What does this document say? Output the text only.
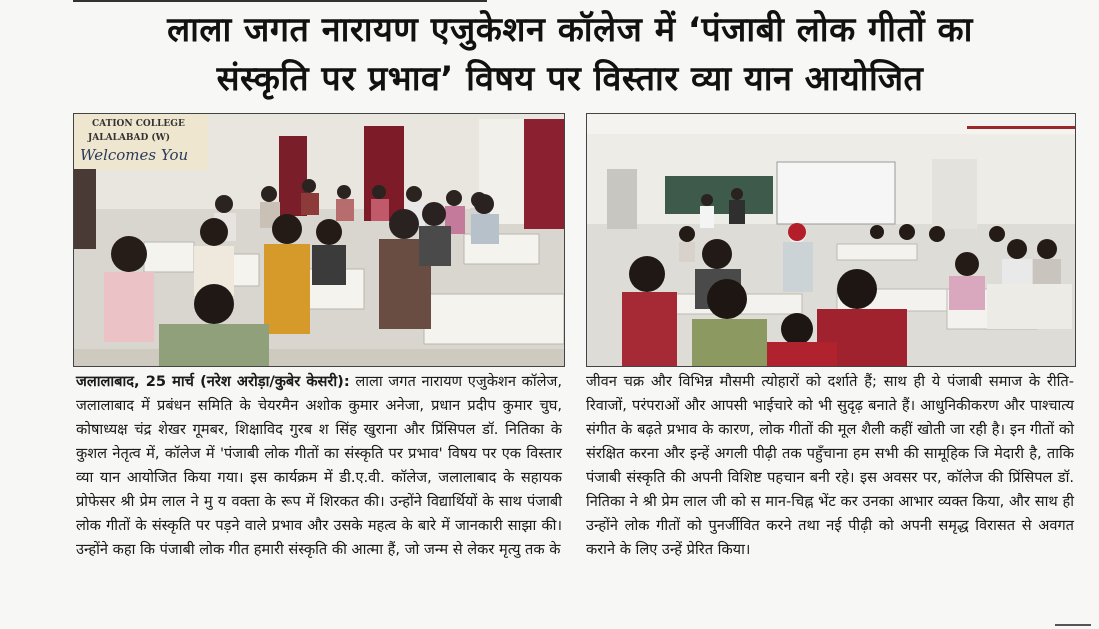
लाला जगत नारायण एजुकेशन कॉलेज में ‘पंजाबी लोक गीतों का
संस्कृति पर प्रभाव’ विषय पर विस्तार व्या यान आयोजित
CATION COLLEGE
JALALABAD (W)
Welcomes You

जलालाबाद, 25 मार्च (नरेश अरोड़ा/कुबेर केसरी): लाला जगत नारायण एजुकेशन कॉलेज, जलालाबाद में प्रबंधन समिति के चेयरमैन अशोक कुमार अनेजा, प्रधान प्रदीप कुमार चुघ, कोषाध्यक्ष चंद्र शेखर गूमबर, शिक्षाविद गुरब श सिंह खुराना और प्रिंसिपल डॉ. नितिका के कुशल नेतृत्व में, कॉलेज में 'पंजाबी लोक गीतों का संस्कृति पर प्रभाव' विषय पर एक विस्तार व्या यान आयोजित किया गया। इस कार्यक्रम में डी.ए.वी. कॉलेज, जलालाबाद के सहायक प्रोफेसर श्री प्रेम लाल ने मु य वक्ता के रूप में शिरकत की। उन्होंने विद्यार्थियों के साथ पंजाबी लोक गीतों के संस्कृति पर पड़ने वाले प्रभाव और उसके महत्व के बारे में जानकारी साझा की। उन्होंने कहा कि पंजाबी लोक गीत हमारी संस्कृति की आत्मा हैं, जो जन्म से लेकर मृत्यु तक के

जीवन चक्र और विभिन्न मौसमी त्योहारों को दर्शाते हैं; साथ ही ये पंजाबी समाज के रीति-रिवाजों, परंपराओं और आपसी भाईचारे को भी सुदृढ़ बनाते हैं। आधुनिकीकरण और पाश्चात्य संगीत के बढ़ते प्रभाव के कारण, लोक गीतों की मूल शैली कहीं खोती जा रही है। इन गीतों को संरक्षित करना और इन्हें अगली पीढ़ी तक पहुँचाना हम सभी की सामूहिक जि मेदारी है, ताकि पंजाबी संस्कृति की अपनी विशिष्ट पहचान बनी रहे। इस अवसर पर, कॉलेज की प्रिंसिपल डॉ. नितिका ने श्री प्रेम लाल जी को स मान-चिह्न भेंट कर उनका आभार व्यक्त किया, और साथ ही उन्होंने लोक गीतों को पुनर्जीवित करने तथा नई पीढ़ी को अपनी समृद्ध विरासत से अवगत कराने के लिए उन्हें प्रेरित किया।
